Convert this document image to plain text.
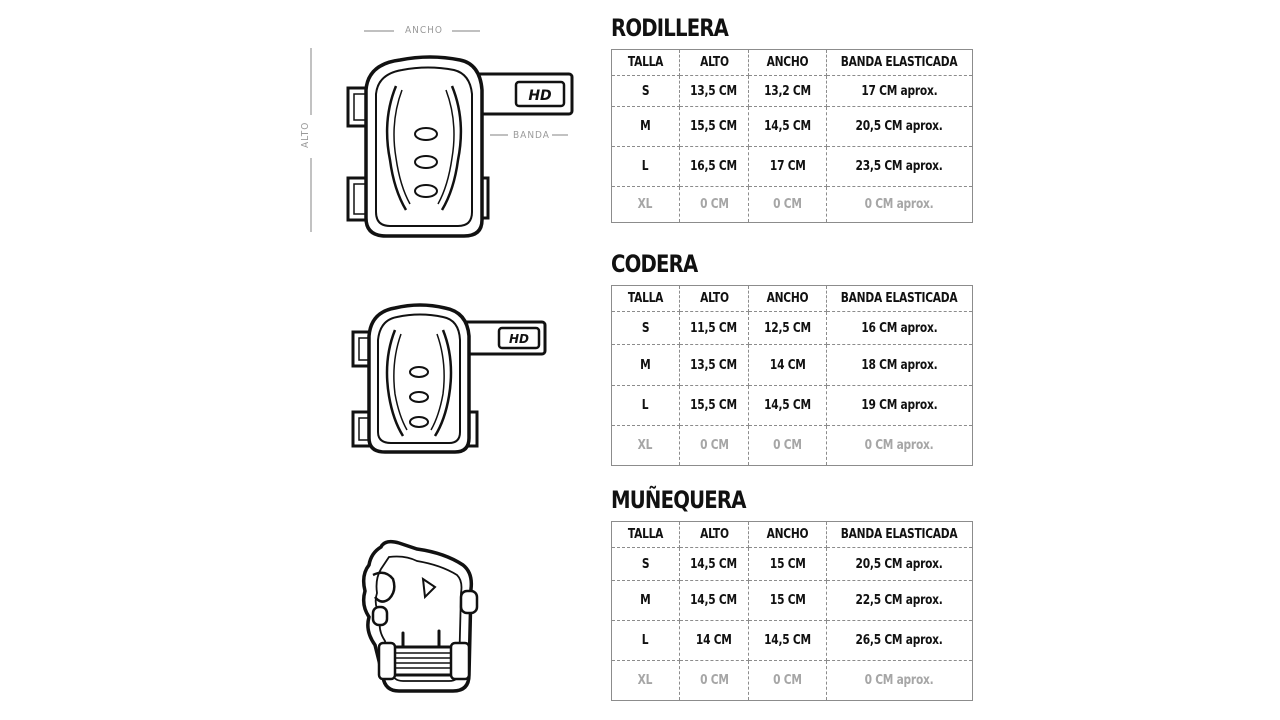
ANCHO
ALTO	BANDA
HD
HD
RODILLERA
TALLA	ALTO	ANCHO	BANDA ELASTICADA
S	13,5 CM	13,2 CM	17 CM aprox.
M	15,5 CM	14,5 CM	20,5 CM aprox.
L	16,5 CM	17 CM	23,5 CM aprox.
XL	0 CM	0 CM	0 CM aprox.
CODERA
TALLA	ALTO	ANCHO	BANDA ELASTICADA
S	11,5 CM	12,5 CM	16 CM aprox.
M	13,5 CM	14 CM	18 CM aprox.
L	15,5 CM	14,5 CM	19 CM aprox.
XL	0 CM	0 CM	0 CM aprox.
MUÑEQUERA
TALLA	ALTO	ANCHO	BANDA ELASTICADA
S	14,5 CM	15 CM	20,5 CM aprox.
M	14,5 CM	15 CM	22,5 CM aprox.
L	14 CM	14,5 CM	26,5 CM aprox.
XL	0 CM	0 CM	0 CM aprox.
